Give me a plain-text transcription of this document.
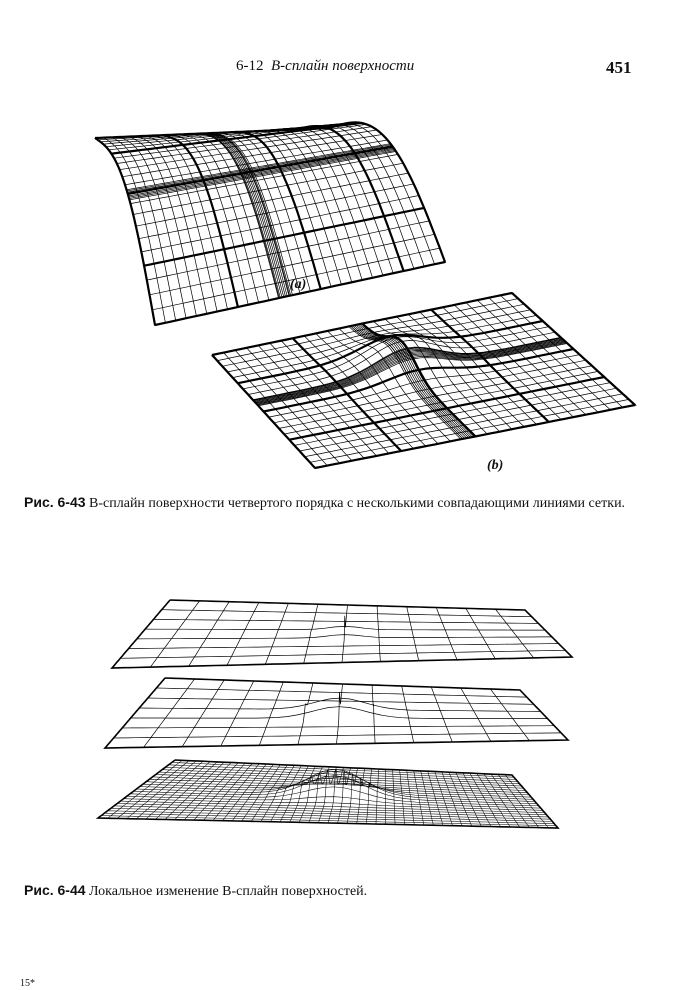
6-12 В-сплайн поверхности	451
(a)
(b)
Рис. 6-43 В-сплайн поверхности четвертого порядка с несколькими совпадающими линиями сетки.
Рис. 6-44 Локальное изменение В-сплайн поверхностей.
15*
